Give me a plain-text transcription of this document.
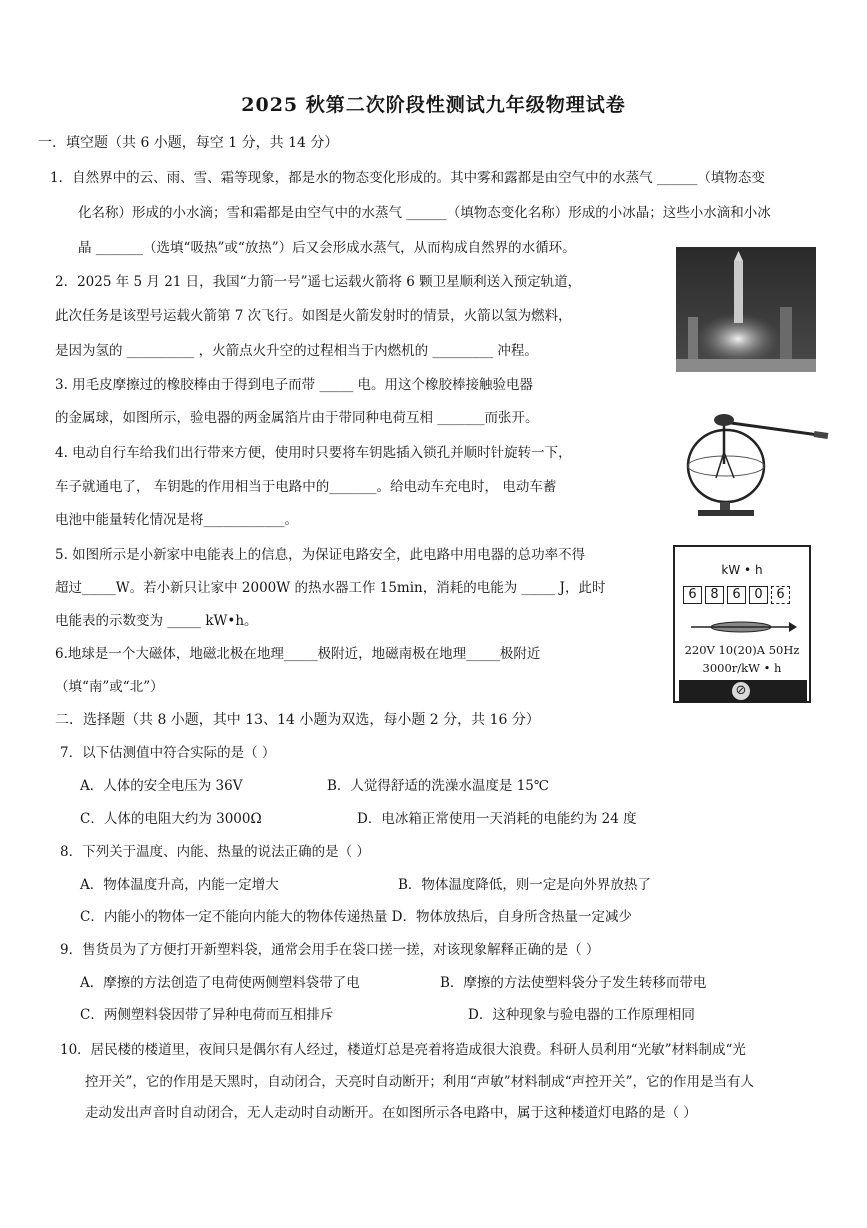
2025 秋第二次阶段性测试九年级物理试卷
一．填空题（共 6 小题，每空 1 分，共 14 分）
1．自然界中的云、雨、雪、霜等现象，都是水的物态变化形成的。其中雾和露都是由空气中的水蒸气 ______（填物态变
化名称）形成的小水滴；雪和霜都是由空气中的水蒸气 ______（填物态变化名称）形成的小冰晶；这些小水滴和小冰
晶 _______（选填“吸热”或“放热”）后又会形成水蒸气，从而构成自然界的水循环。
2．2025 年 5 月 21 日，我国“力箭一号”遥七运载火箭将 6 颗卫星顺利送入预定轨道，
此次任务是该型号运载火箭第 7 次飞行。如图是火箭发射时的情景，火箭以氢为燃料，
是因为氢的 __________ ，火箭点火升空的过程相当于内燃机的 _________ 冲程。
3. 用毛皮摩擦过的橡胶棒由于得到电子而带 _____ 电。用这个橡胶棒接触验电器
的金属球，如图所示，验电器的两金属箔片由于带同种电荷互相 _______而张开。
4. 电动自行车给我们出行带来方便，使用时只要将车钥匙插入锁孔并顺时针旋转一下，
车子就通电了， 车钥匙的作用相当于电路中的_______。给电动车充电时， 电动车蓄
电池中能量转化情况是将____________。
5. 如图所示是小新家中电能表上的信息，为保证电路安全，此电路中用电器的总功率不得
超过_____W。若小新只让家中 2000W 的热水器工作 15min，消耗的电能为 _____ J，此时
电能表的示数变为 _____ kW•h。
kW • h
6	8	6	0	6
220V 10(20)A 50Hz
3000r/kW • h
⊘
6.地球是一个大磁体，地磁北极在地理_____极附近，地磁南极在地理_____极附近
（填“南”或“北”）
二．选择题（共 8 小题，其中 13、14 小题为双选，每小题 2 分，共 16 分）
7．以下估测值中符合实际的是（ ）
A．人体的安全电压为 36V	B．人觉得舒适的洗澡水温度是 15℃
C．人体的电阻大约为 3000Ω	D．电冰箱正常使用一天消耗的电能约为 24 度
8．下列关于温度、内能、热量的说法正确的是（ ）
A．物体温度升高，内能一定增大	B．物体温度降低，则一定是向外界放热了
C．内能小的物体一定不能向内能大的物体传递热量 D．物体放热后，自身所含热量一定减少
9．售货员为了方便打开新塑料袋，通常会用手在袋口搓一搓，对该现象解释正确的是（ ）
A．摩擦的方法创造了电荷使两侧塑料袋带了电	B．摩擦的方法使塑料袋分子发生转移而带电
C．两侧塑料袋因带了异种电荷而互相排斥	D．这种现象与验电器的工作原理相同
10．居民楼的楼道里，夜间只是偶尔有人经过，楼道灯总是亮着将造成很大浪费。科研人员利用“光敏”材料制成“光
控开关”，它的作用是天黑时，自动闭合，天亮时自动断开；利用“声敏”材料制成“声控开关”，它的作用是当有人
走动发出声音时自动闭合，无人走动时自动断开。在如图所示各电路中，属于这种楼道灯电路的是（ ）
